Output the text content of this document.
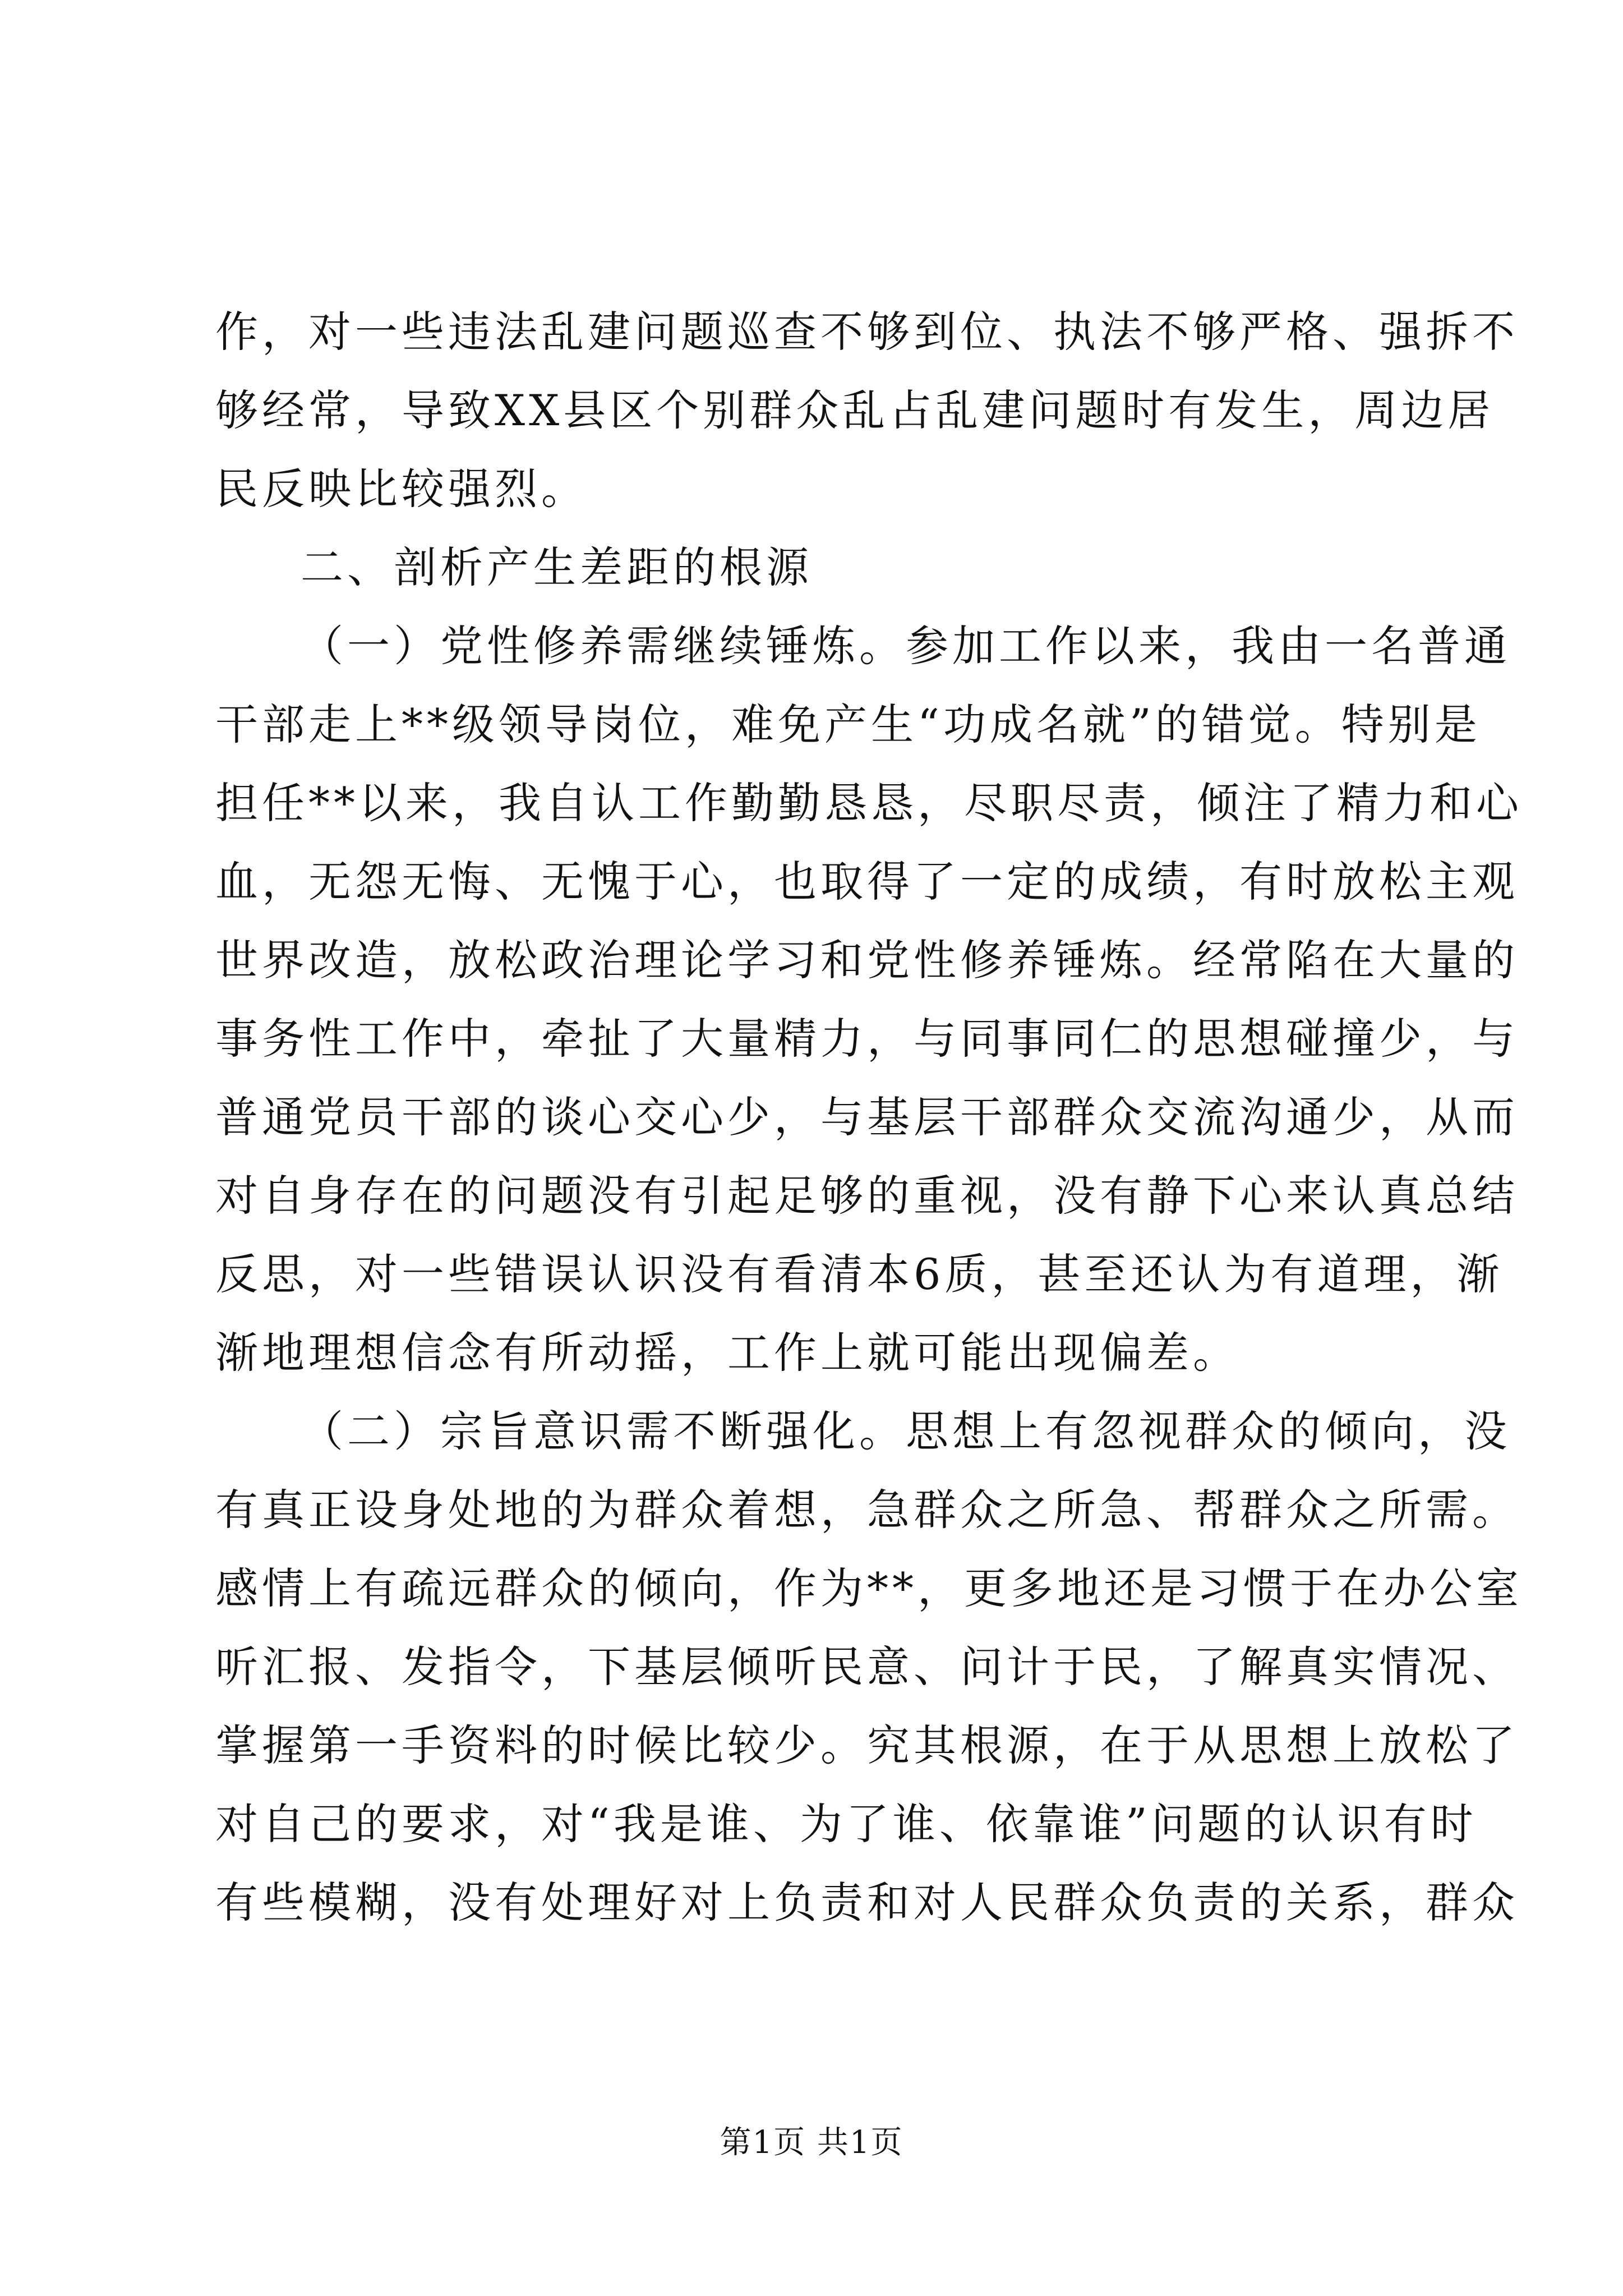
作，对一些违法乱建问题巡查不够到位、执法不够严格、强拆不
够经常，导致XX县区个别群众乱占乱建问题时有发生，周边居
民反映比较强烈。
二、剖析产生差距的根源
（一）党性修养需继续锤炼。参加工作以来，我由一名普通
干部走上**级领导岗位，难免产生“功成名就”的错觉。特别是
担任**以来，我自认工作勤勤恳恳，尽职尽责，倾注了精力和心
血，无怨无悔、无愧于心，也取得了一定的成绩，有时放松主观
世界改造，放松政治理论学习和党性修养锤炼。经常陷在大量的
事务性工作中，牵扯了大量精力，与同事同仁的思想碰撞少，与
普通党员干部的谈心交心少，与基层干部群众交流沟通少，从而
对自身存在的问题没有引起足够的重视，没有静下心来认真总结
反思，对一些错误认识没有看清本6质，甚至还认为有道理，渐
渐地理想信念有所动摇，工作上就可能出现偏差。
（二）宗旨意识需不断强化。思想上有忽视群众的倾向，没
有真正设身处地的为群众着想，急群众之所急、帮群众之所需。
感情上有疏远群众的倾向，作为**，更多地还是习惯于在办公室
听汇报、发指令，下基层倾听民意、问计于民，了解真实情况、
掌握第一手资料的时候比较少。究其根源，在于从思想上放松了
对自己的要求，对“我是谁、为了谁、依靠谁”问题的认识有时
有些模糊，没有处理好对上负责和对人民群众负责的关系，群众
第1页 共1页
